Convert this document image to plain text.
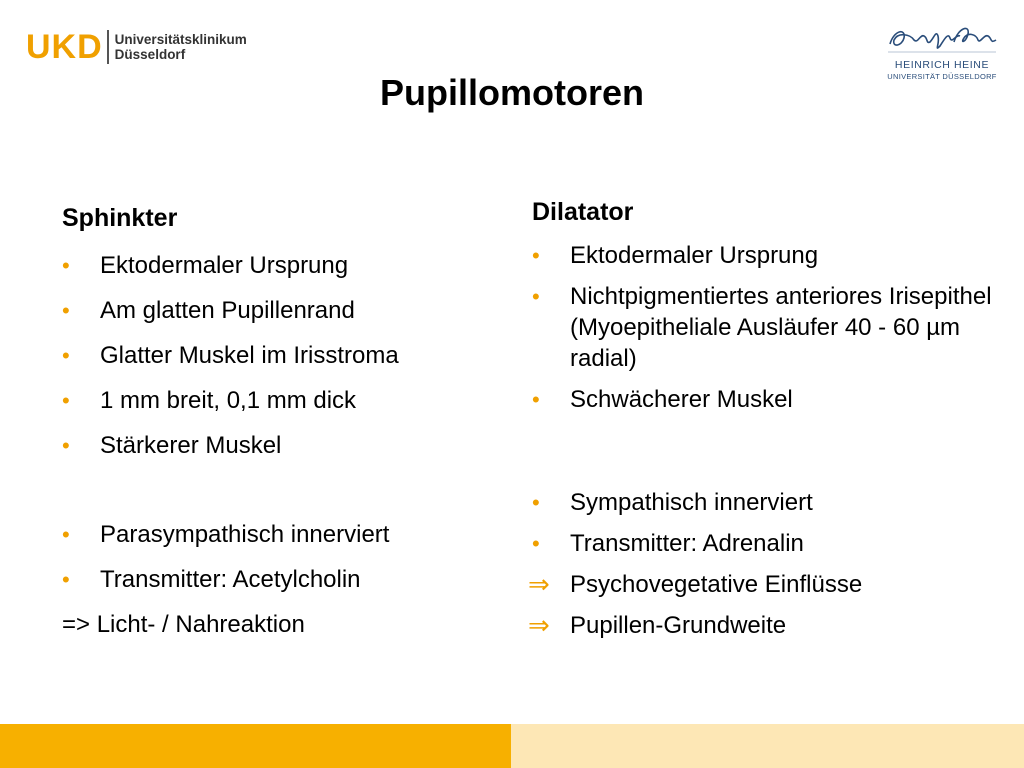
UKD Universitätsklinikum
Düsseldorf
HEINRICH HEINE
UNIVERSITÄT DÜSSELDORF
Pupillomotoren
Sphinkter
• Ektodermaler Ursprung
• Am glatten Pupillenrand
• Glatter Muskel im Irisstroma
• 1 mm breit, 0,1 mm dick
• Stärkerer Muskel
• Parasympathisch innerviert
• Transmitter: Acetylcholin
=> Licht- / Nahreaktion
Dilatator
• Ektodermaler Ursprung
• Nichtpigmentiertes anteriores Irisepithel (Myoepitheliale Ausläufer 40 - 60 µm radial)
• Schwächerer Muskel
• Sympathisch innerviert
• Transmitter: Adrenalin
⇒ Psychovegetative Einflüsse
⇒ Pupillen-Grundweite
